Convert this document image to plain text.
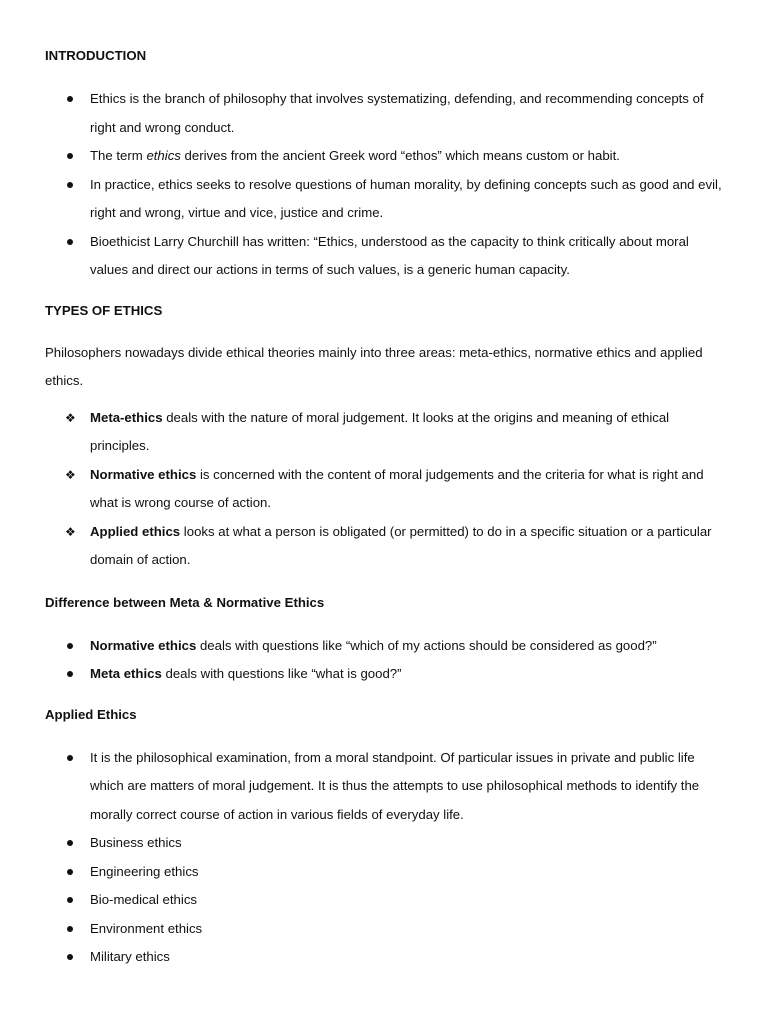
INTRODUCTION

Ethics is the branch of philosophy that involves systematizing, defending, and recommending concepts of right and wrong conduct.
The term ethics derives from the ancient Greek word “ethos” which means custom or habit.
In practice, ethics seeks to resolve questions of human morality, by defining concepts such as good and evil, right and wrong, virtue and vice, justice and crime.
Bioethicist Larry Churchill has written: “Ethics, understood as the capacity to think critically about moral values and direct our actions in terms of such values, is a generic human capacity.

TYPES OF ETHICS

Philosophers nowadays divide ethical theories mainly into three areas: meta-ethics, normative ethics and applied ethics.

❖ Meta-ethics deals with the nature of moral judgement. It looks at the origins and meaning of ethical principles.
❖ Normative ethics is concerned with the content of moral judgements and the criteria for what is right and what is wrong course of action.
❖ Applied ethics looks at what a person is obligated (or permitted) to do in a specific situation or a particular domain of action.

Difference between Meta & Normative Ethics

Normative ethics deals with questions like “which of my actions should be considered as good?”
Meta ethics deals with questions like “what is good?”

Applied Ethics

It is the philosophical examination, from a moral standpoint. Of particular issues in private and public life which are matters of moral judgement. It is thus the attempts to use philosophical methods to identify the morally correct course of action in various fields of everyday life.
Business ethics
Engineering ethics
Bio-medical ethics
Environment ethics
Military ethics
